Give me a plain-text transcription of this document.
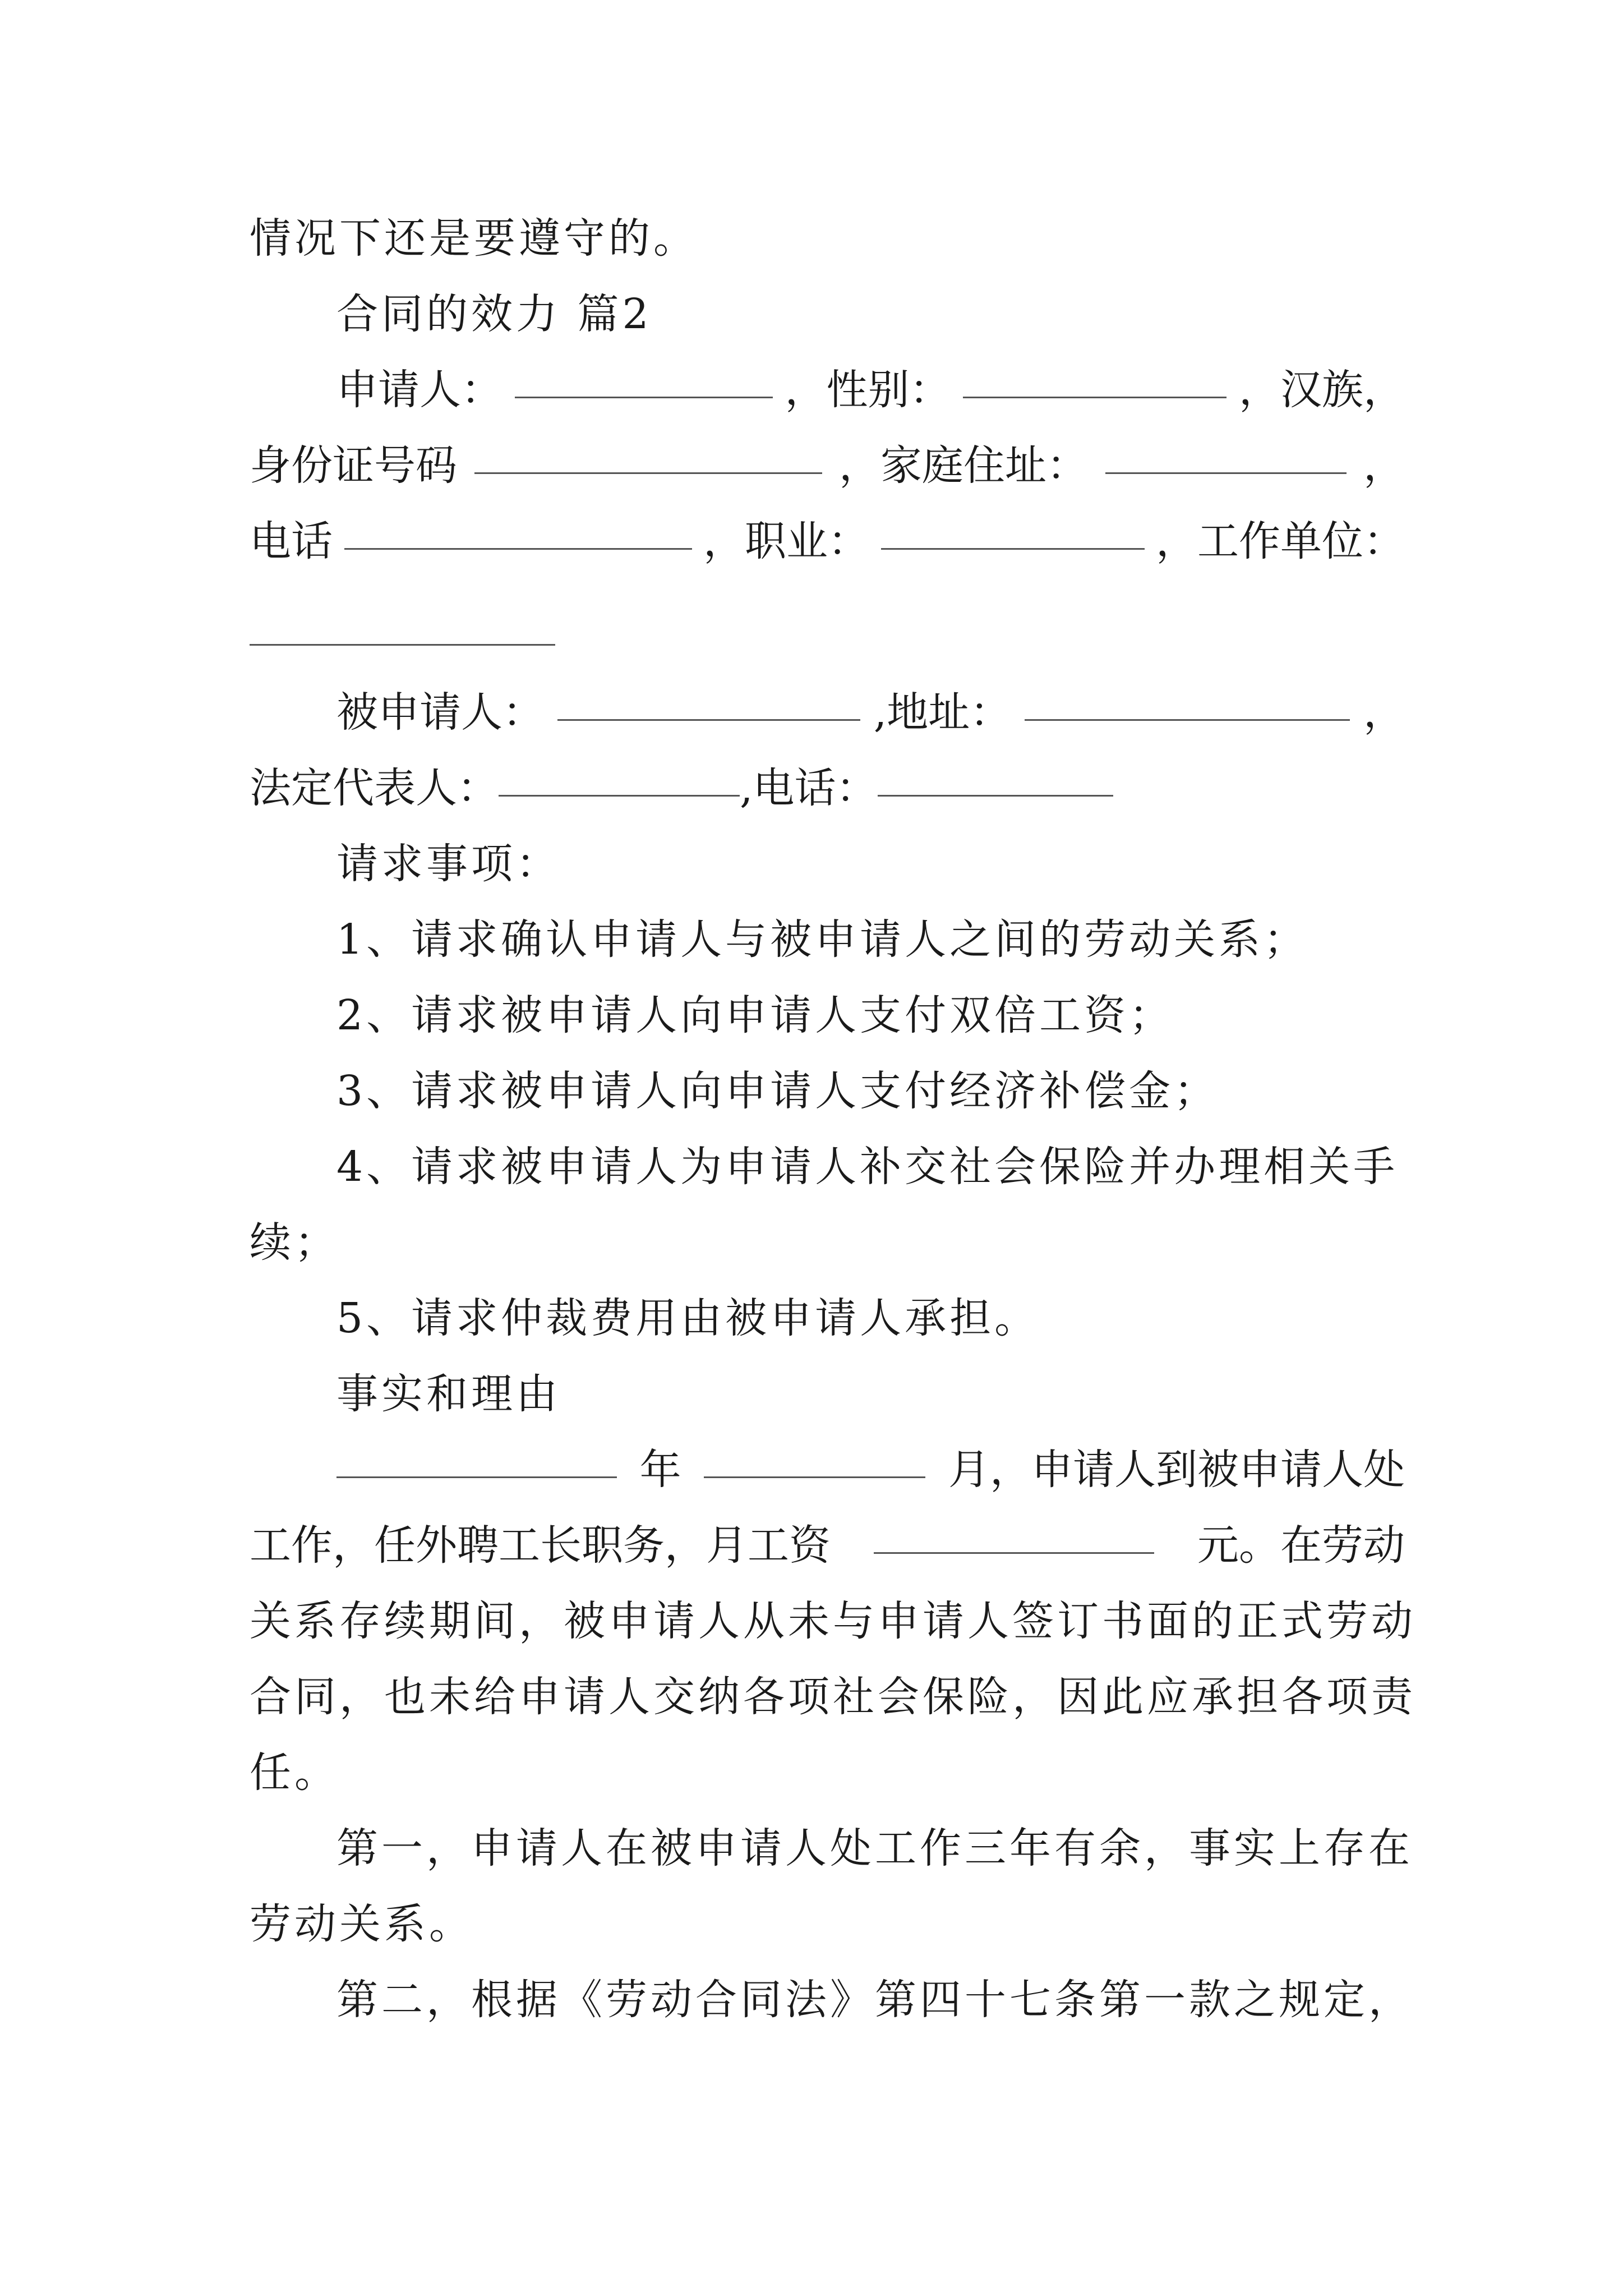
情况下还是要遵守的。
合同的效力 篇2
申请人：	，性别：	，汉族，
身份证号码	，家庭住址：	，
电话	，职业：	，工作单位：
被申请人：	,地址：	，
法定代表人：	,电话：
请求事项：
1、请求确认申请人与被申请人之间的劳动关系；
2、请求被申请人向申请人支付双倍工资；
3、请求被申请人向申请人支付经济补偿金；
4、请求被申请人为申请人补交社会保险并办理相关手
续；
5、请求仲裁费用由被申请人承担。
事实和理由
年	月，申请人到被申请人处
工作，任外聘工长职务，月工资	元。在劳动
关系存续期间，被申请人从未与申请人签订书面的正式劳动
合同，也未给申请人交纳各项社会保险，因此应承担各项责
任。
第一，申请人在被申请人处工作三年有余，事实上存在
劳动关系。
第二，根据《劳动合同法》第四十七条第一款之规定，
